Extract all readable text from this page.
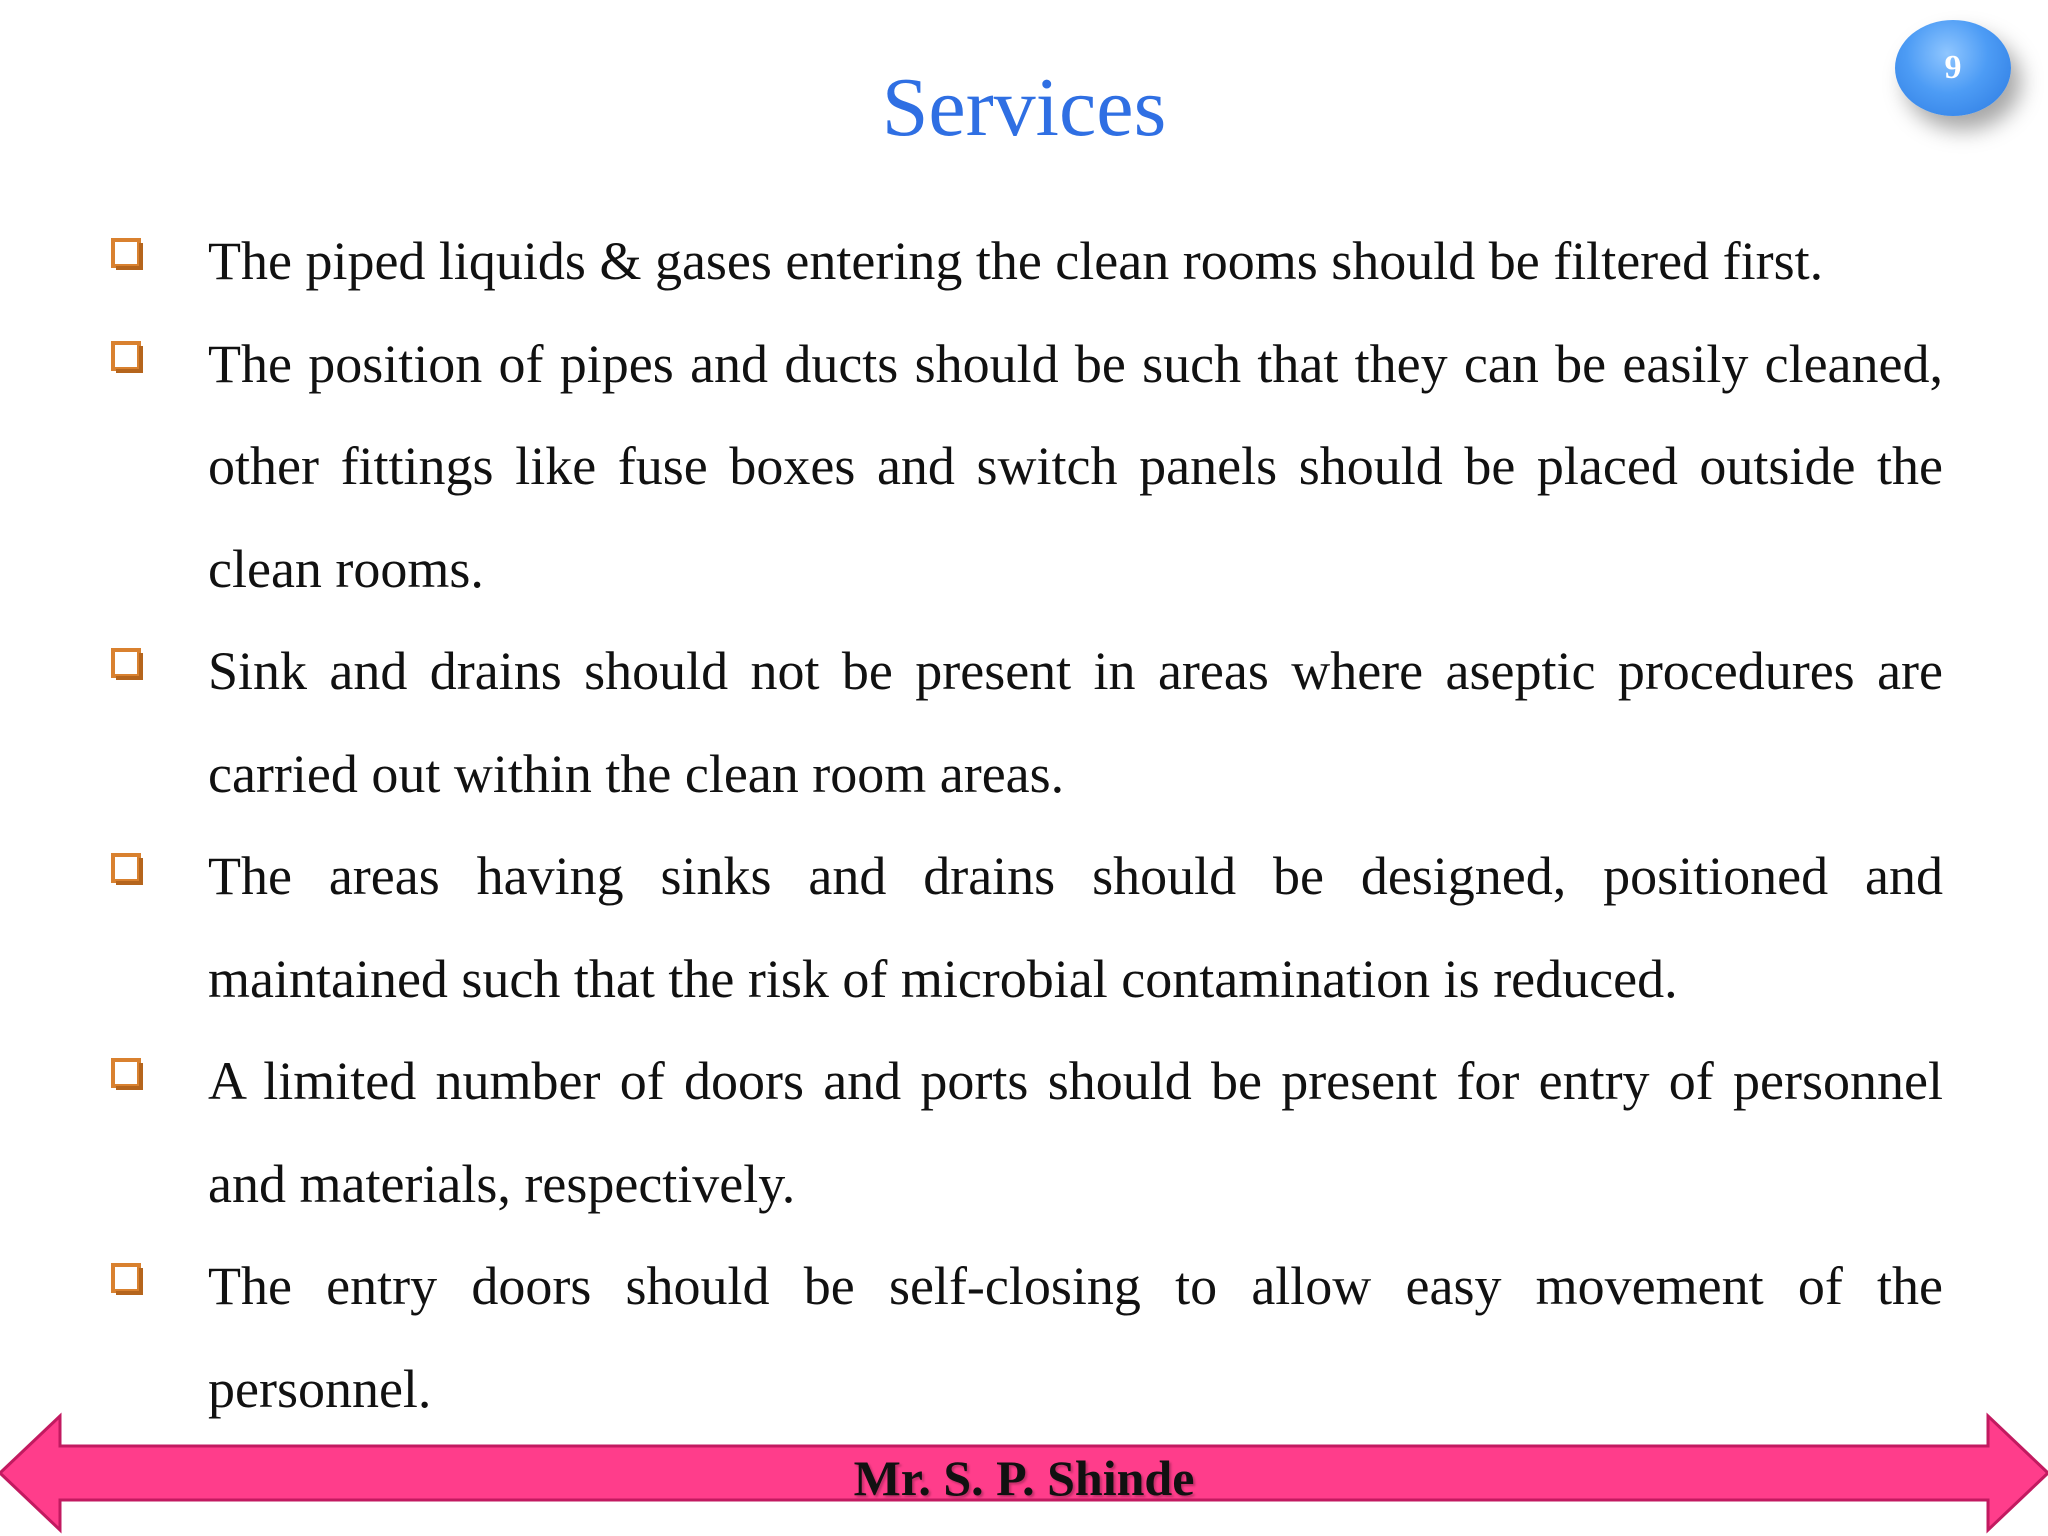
Services	9
The piped liquids & gases entering the clean rooms should be filtered first.
The position of pipes and ducts should be such that they can be easily cleaned, other fittings like fuse boxes and switch panels should be placed outside the clean rooms.
Sink and drains should not be present in areas where aseptic procedures are carried out within the clean room areas.
The areas having sinks and drains should be designed, positioned and maintained such that the risk of microbial contamination is reduced.
A limited number of doors and ports should be present for entry of personnel and materials, respectively.
The entry doors should be self-closing to allow easy movement of the personnel.
Mr. S. P. Shinde
